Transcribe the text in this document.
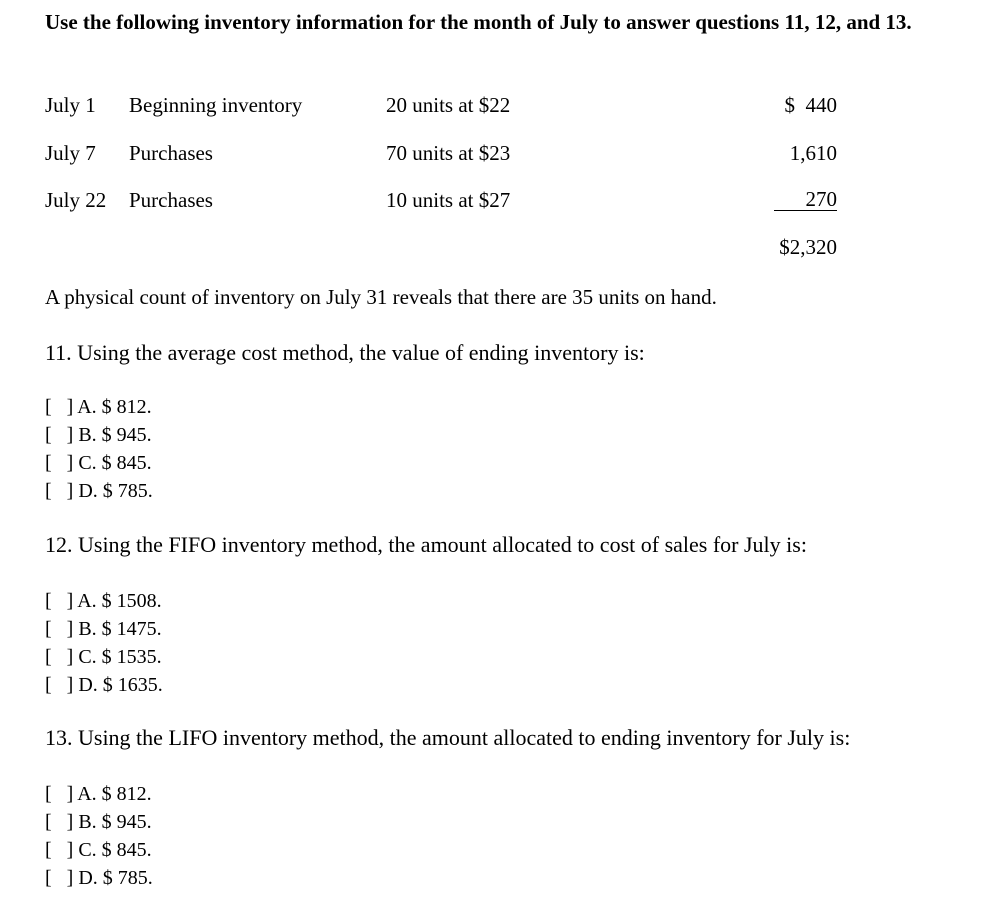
Use the following inventory information for the month of July to answer questions 11, 12, and 13.
July 1 Beginning inventory	20 units at $22	$  440
July 7 Purchases	70 units at $23	1,610
July 22 Purchases	10 units at $27	270
$2,320
A physical count of inventory on July 31 reveals that there are 35 units on hand.
11. Using the average cost method, the value of ending inventory is:
[   ] A. $ 812.
[   ] B. $ 945.
[   ] C. $ 845.
[   ] D. $ 785.
12. Using the FIFO inventory method, the amount allocated to cost of sales for July is:
[   ] A. $ 1508.
[   ] B. $ 1475.
[   ] C. $ 1535.
[   ] D. $ 1635.
13. Using the LIFO inventory method, the amount allocated to ending inventory for July is:
[   ] A. $ 812.
[   ] B. $ 945.
[   ] C. $ 845.
[   ] D. $ 785.
